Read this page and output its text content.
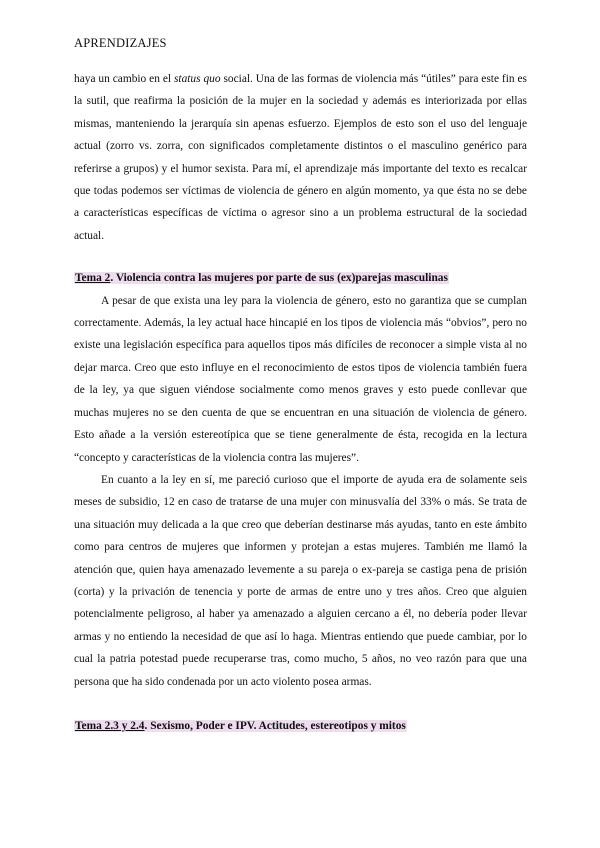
APRENDIZAJES

haya un cambio en el status quo social. Una de las formas de violencia más “útiles” para este fin es la sutil, que reafirma la posición de la mujer en la sociedad y además es interiorizada por ellas mismas, manteniendo la jerarquía sin apenas esfuerzo. Ejemplos de esto son el uso del lenguaje actual (zorro vs. zorra, con significados completamente distintos o el masculino genérico para referirse a grupos) y el humor sexista. Para mí, el aprendizaje más importante del texto es recalcar que todas podemos ser víctimas de violencia de género en algún momento, ya que ésta no se debe a características específicas de víctima o agresor sino a un problema estructural de la sociedad actual.

Tema 2. Violencia contra las mujeres por parte de sus (ex)parejas masculinas

A pesar de que exista una ley para la violencia de género, esto no garantiza que se cumplan correctamente. Además, la ley actual hace hincapié en los tipos de violencia más “obvios”, pero no existe una legislación específica para aquellos tipos más difíciles de reconocer a simple vista al no dejar marca. Creo que esto influye en el reconocimiento de estos tipos de violencia también fuera de la ley, ya que siguen viéndose socialmente como menos graves y esto puede conllevar que muchas mujeres no se den cuenta de que se encuentran en una situación de violencia de género. Esto añade a la versión estereotípica que se tiene generalmente de ésta, recogida en la lectura “concepto y características de la violencia contra las mujeres”.

En cuanto a la ley en sí, me pareció curioso que el importe de ayuda era de solamente seis meses de subsidio, 12 en caso de tratarse de una mujer con minusvalía del 33% o más. Se trata de una situación muy delicada a la que creo que deberían destinarse más ayudas, tanto en este ámbito como para centros de mujeres que informen y protejan a estas mujeres. También me llamó la atención que, quien haya amenazado levemente a su pareja o ex-pareja se castiga pena de prisión (corta) y la privación de tenencia y porte de armas de entre uno y tres años. Creo que alguien potencialmente peligroso, al haber ya amenazado a alguien cercano a él, no debería poder llevar armas y no entiendo la necesidad de que así lo haga. Mientras entiendo que puede cambiar, por lo cual la patria potestad puede recuperarse tras, como mucho, 5 años, no veo razón para que una persona que ha sido condenada por un acto violento posea armas.

Tema 2.3 y 2.4. Sexismo, Poder e IPV. Actitudes, estereotipos y mitos
